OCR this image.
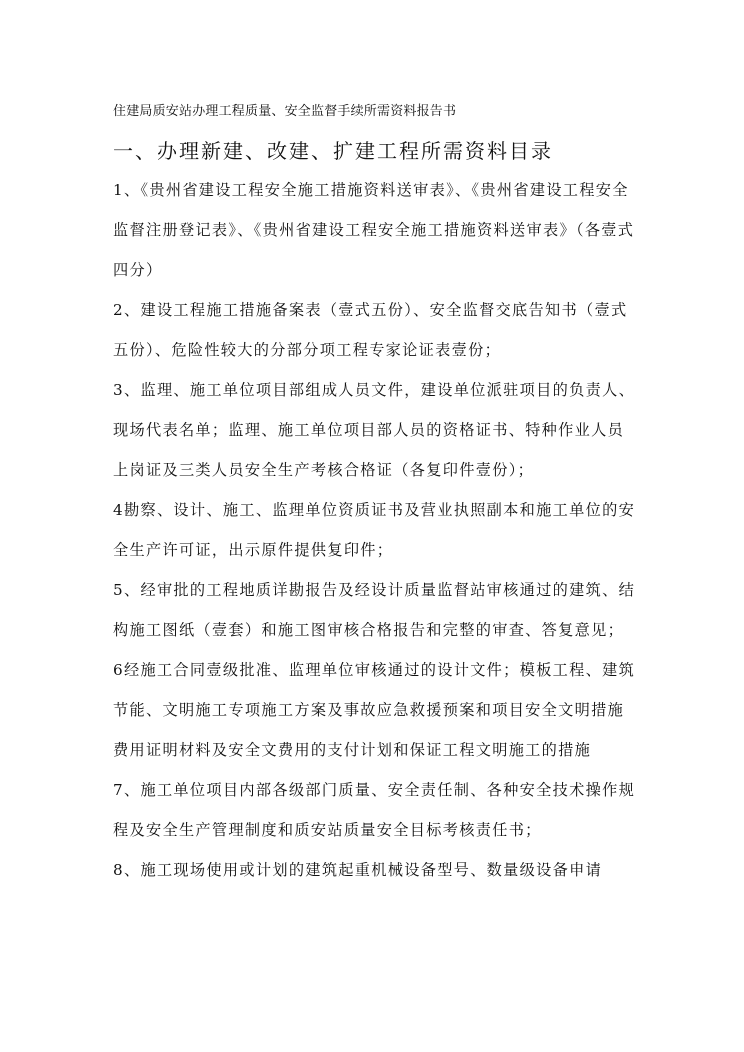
住建局质安站办理工程质量、安全监督手续所需资料报告书
一、办理新建、改建、扩建工程所需资料目录

1、《贵州省建设工程安全施工措施资料送审表》、《贵州省建设工程安全监督注册登记表》、《贵州省建设工程安全施工措施资料送审表》（各壹式四分）

2、建设工程施工措施备案表（壹式五份）、安全监督交底告知书（壹式五份）、危险性较大的分部分项工程专家论证表壹份；

3、监理、施工单位项目部组成人员文件，建设单位派驻项目的负责人、现场代表名单；监理、施工单位项目部人员的资格证书、特种作业人员上岗证及三类人员安全生产考核合格证（各复印件壹份）；

4勘察、设计、施工、监理单位资质证书及营业执照副本和施工单位的安全生产许可证，出示原件提供复印件；

5、经审批的工程地质详勘报告及经设计质量监督站审核通过的建筑、结构施工图纸（壹套）和施工图审核合格报告和完整的审查、答复意见；

6经施工合同壹级批准、监理单位审核通过的设计文件；模板工程、建筑节能、文明施工专项施工方案及事故应急救援预案和项目安全文明措施费用证明材料及安全文费用的支付计划和保证工程文明施工的措施

7、施工单位项目内部各级部门质量、安全责任制、各种安全技术操作规程及安全生产管理制度和质安站质量安全目标考核责任书；

8、施工现场使用或计划的建筑起重机械设备型号、数量级设备申请
